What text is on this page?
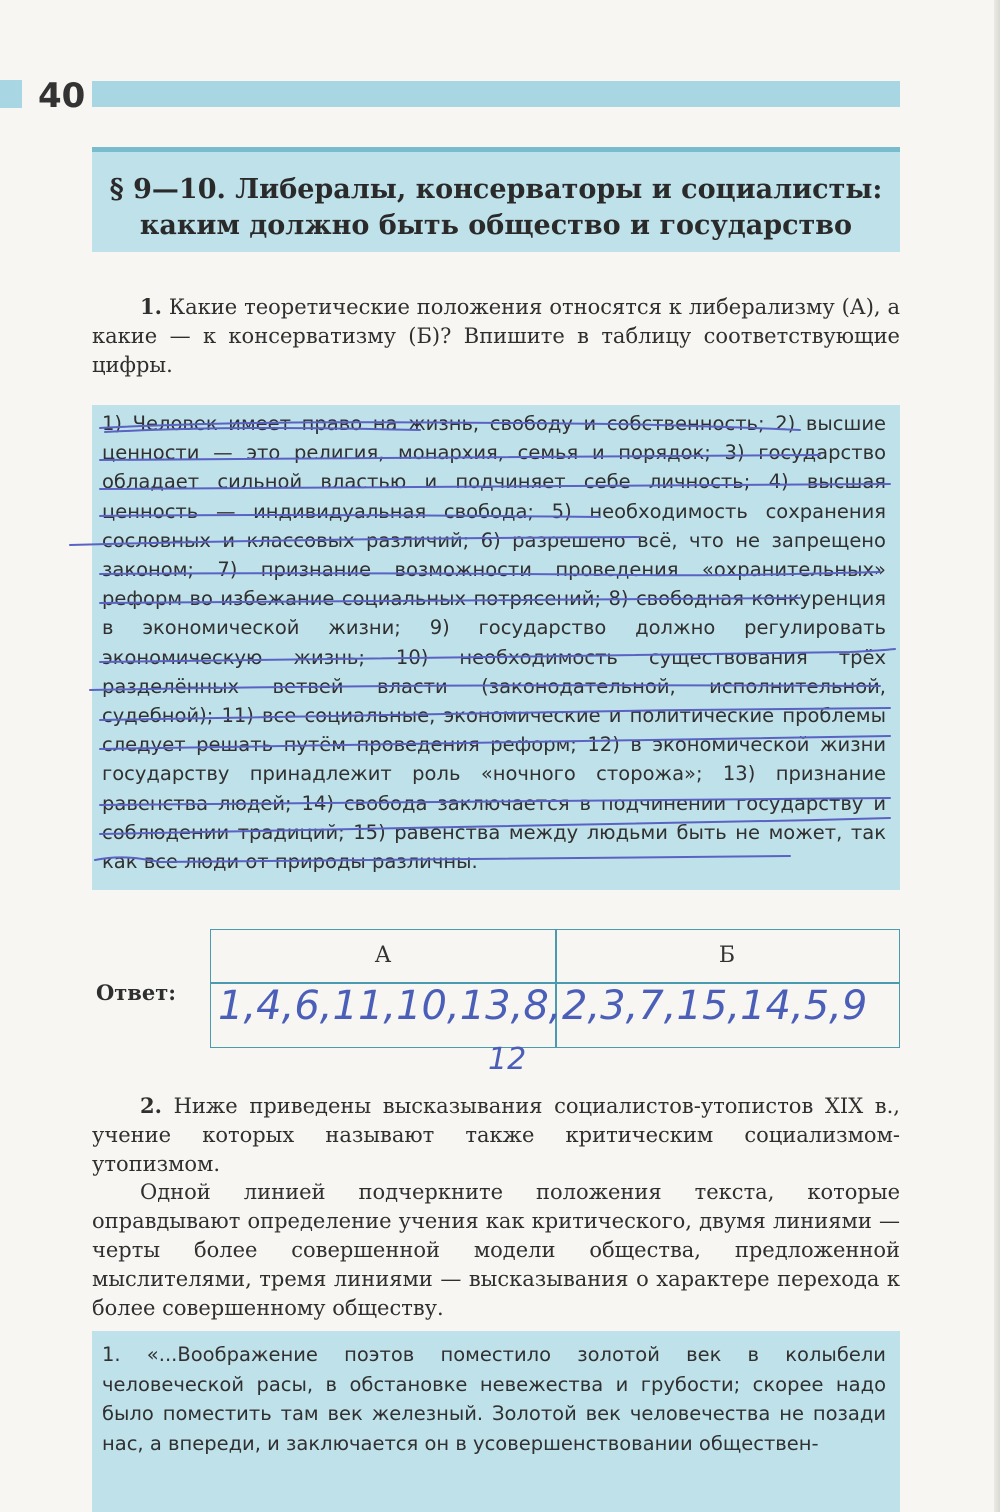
40
§ 9—10. Либералы, консерваторы и социалисты:
каким должно быть общество и государство
1. Какие теоретические положения относятся к либерализму (А), а какие — к консерватизму (Б)? Впишите в таблицу соответствующие цифры.

1) Человек имеет право на жизнь, свободу и собственность; 2) высшие ценности — это религия, монархия, семья и порядок; 3) государство обладает сильной властью и подчиняет себе личность; 4) высшая ценность — индивидуальная свобода; 5) необходимость сохранения сословных и классовых различий; 6) разрешено всё, что не запрещено законом; 7) признание возможности проведения «охранительных» реформ во избежание социальных потрясений; 8) свободная конкуренция в экономической жизни; 9) государство должно регулировать экономическую жизнь; 10) необходимость существования трёх разделённых ветвей власти (законодательной, исполнительной, судебной); 11) все социальные, экономические и политические проблемы следует решать путём проведения реформ; 12) в экономической жизни государству принадлежит роль «ночного сторожа»; 13) признание равенства людей; 14) свобода заключается в подчинении государству и соблюдении традиций; 15) равенства между людьми быть не может, так как все люди от природы различны.

Ответ:
А	Б
1,4,6,11,10,13,8,
12
2,3,7,15,14,5,9
2. Ниже приведены высказывания социалистов-утопистов XIX в., учение которых называют также критическим социализмом-утопизмом.
Одной линией подчеркните положения текста, которые оправдывают определение учения как критического, двумя линиями — черты более совершенной модели общества, предложенной мыслителями, тремя линиями — высказывания о характере перехода к более совершенному обществу.

1. «...Воображение поэтов поместило золотой век в колыбели человеческой расы, в обстановке невежества и грубости; скорее надо было поместить там век железный. Золотой век человечества не позади нас, а впереди, и заключается он в усовершенствовании обществен-
